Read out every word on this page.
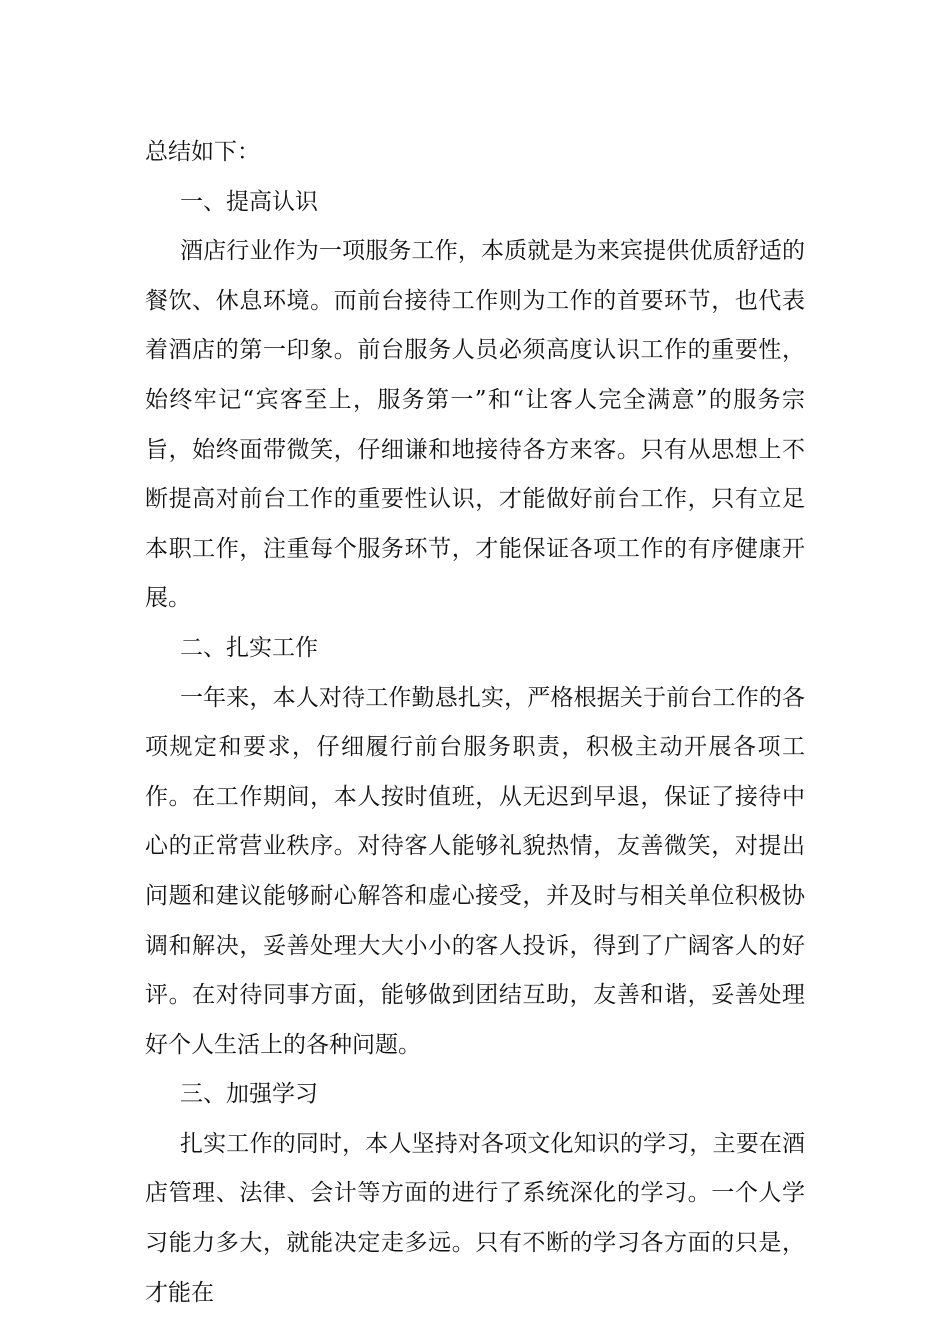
总结如下：

一、提高认识

酒店行业作为一项服务工作，本质就是为来宾提供优质舒适的餐饮、休息环境。而前台接待工作则为工作的首要环节，也代表着酒店的第一印象。前台服务人员必须高度认识工作的重要性，始终牢记“宾客至上，服务第一”和“让客人完全满意”的服务宗旨，始终面带微笑，仔细谦和地接待各方来客。只有从思想上不断提高对前台工作的重要性认识，才能做好前台工作，只有立足本职工作，注重每个服务环节，才能保证各项工作的有序健康开展。

二、扎实工作

一年来，本人对待工作勤恳扎实，严格根据关于前台工作的各项规定和要求，仔细履行前台服务职责，积极主动开展各项工作。在工作期间，本人按时值班，从无迟到早退，保证了接待中心的正常营业秩序。对待客人能够礼貌热情，友善微笑，对提出问题和建议能够耐心解答和虚心接受，并及时与相关单位积极协调和解决，妥善处理大大小小的客人投诉，得到了广阔客人的好评。在对待同事方面，能够做到团结互助，友善和谐，妥善处理好个人生活上的各种问题。

三、加强学习

扎实工作的同时，本人坚持对各项文化知识的学习，主要在酒店管理、法律、会计等方面的进行了系统深化的学习。一个人学习能力多大，就能决定走多远。只有不断的学习各方面的只是，才能在
